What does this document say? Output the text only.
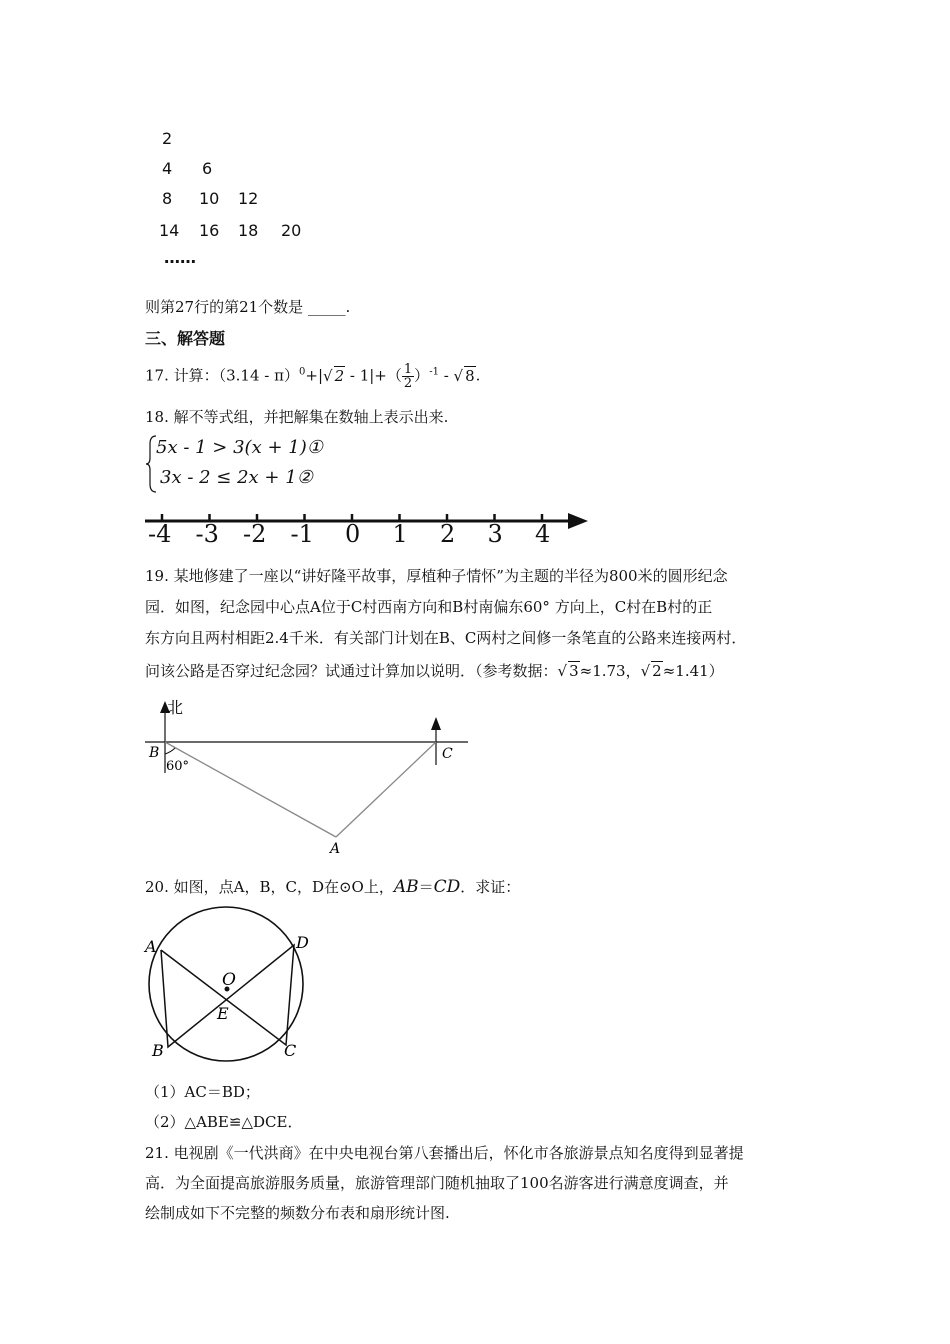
2
4 6
8 10 12
14 16 18 20
……
则第27行的第21个数是 _____.
三、解答题
17. 计算：（3.14 - π）$^0$+|√ $2 - 1|+( \frac{1}{2} )^{-1}$ - √ 8.
18. 解不等式组，并把解集在数轴上表示出来.
5x - 1 > 3(x + 1)①
3x - 2 ≤ 2x + 1②
-4 -3 -2 -1 0 1 2 3 4
19. 某地修建了一座以“讲好隆平故事，厚植种子情怀”为主题的半径为800米的圆形纪念
园．如图，纪念园中心点A位于C村西南方向和B村南偏东60° 方向上，C村在B村的正
东方向且两村相距2.4千米．有关部门计划在B、C两村之间修一条笔直的公路来连接两村．
问该公路是否穿过纪念园？试通过计算加以说明．（参考数据：√ 3≈1.73，√ 2≈1.41）
北
B	C
A
60°
20. 如图，点A，B，C，D在⊙O上，AB＝CD．求证：
A
B	C
D
O
E
（1）AC＝BD；
（2）△ABE≌△DCE．
21. 电视剧《一代洪商》在中央电视台第八套播出后，怀化市各旅游景点知名度得到显著提
高．为全面提高旅游服务质量，旅游管理部门随机抽取了100名游客进行满意度调查，并
绘制成如下不完整的频数分布表和扇形统计图.
